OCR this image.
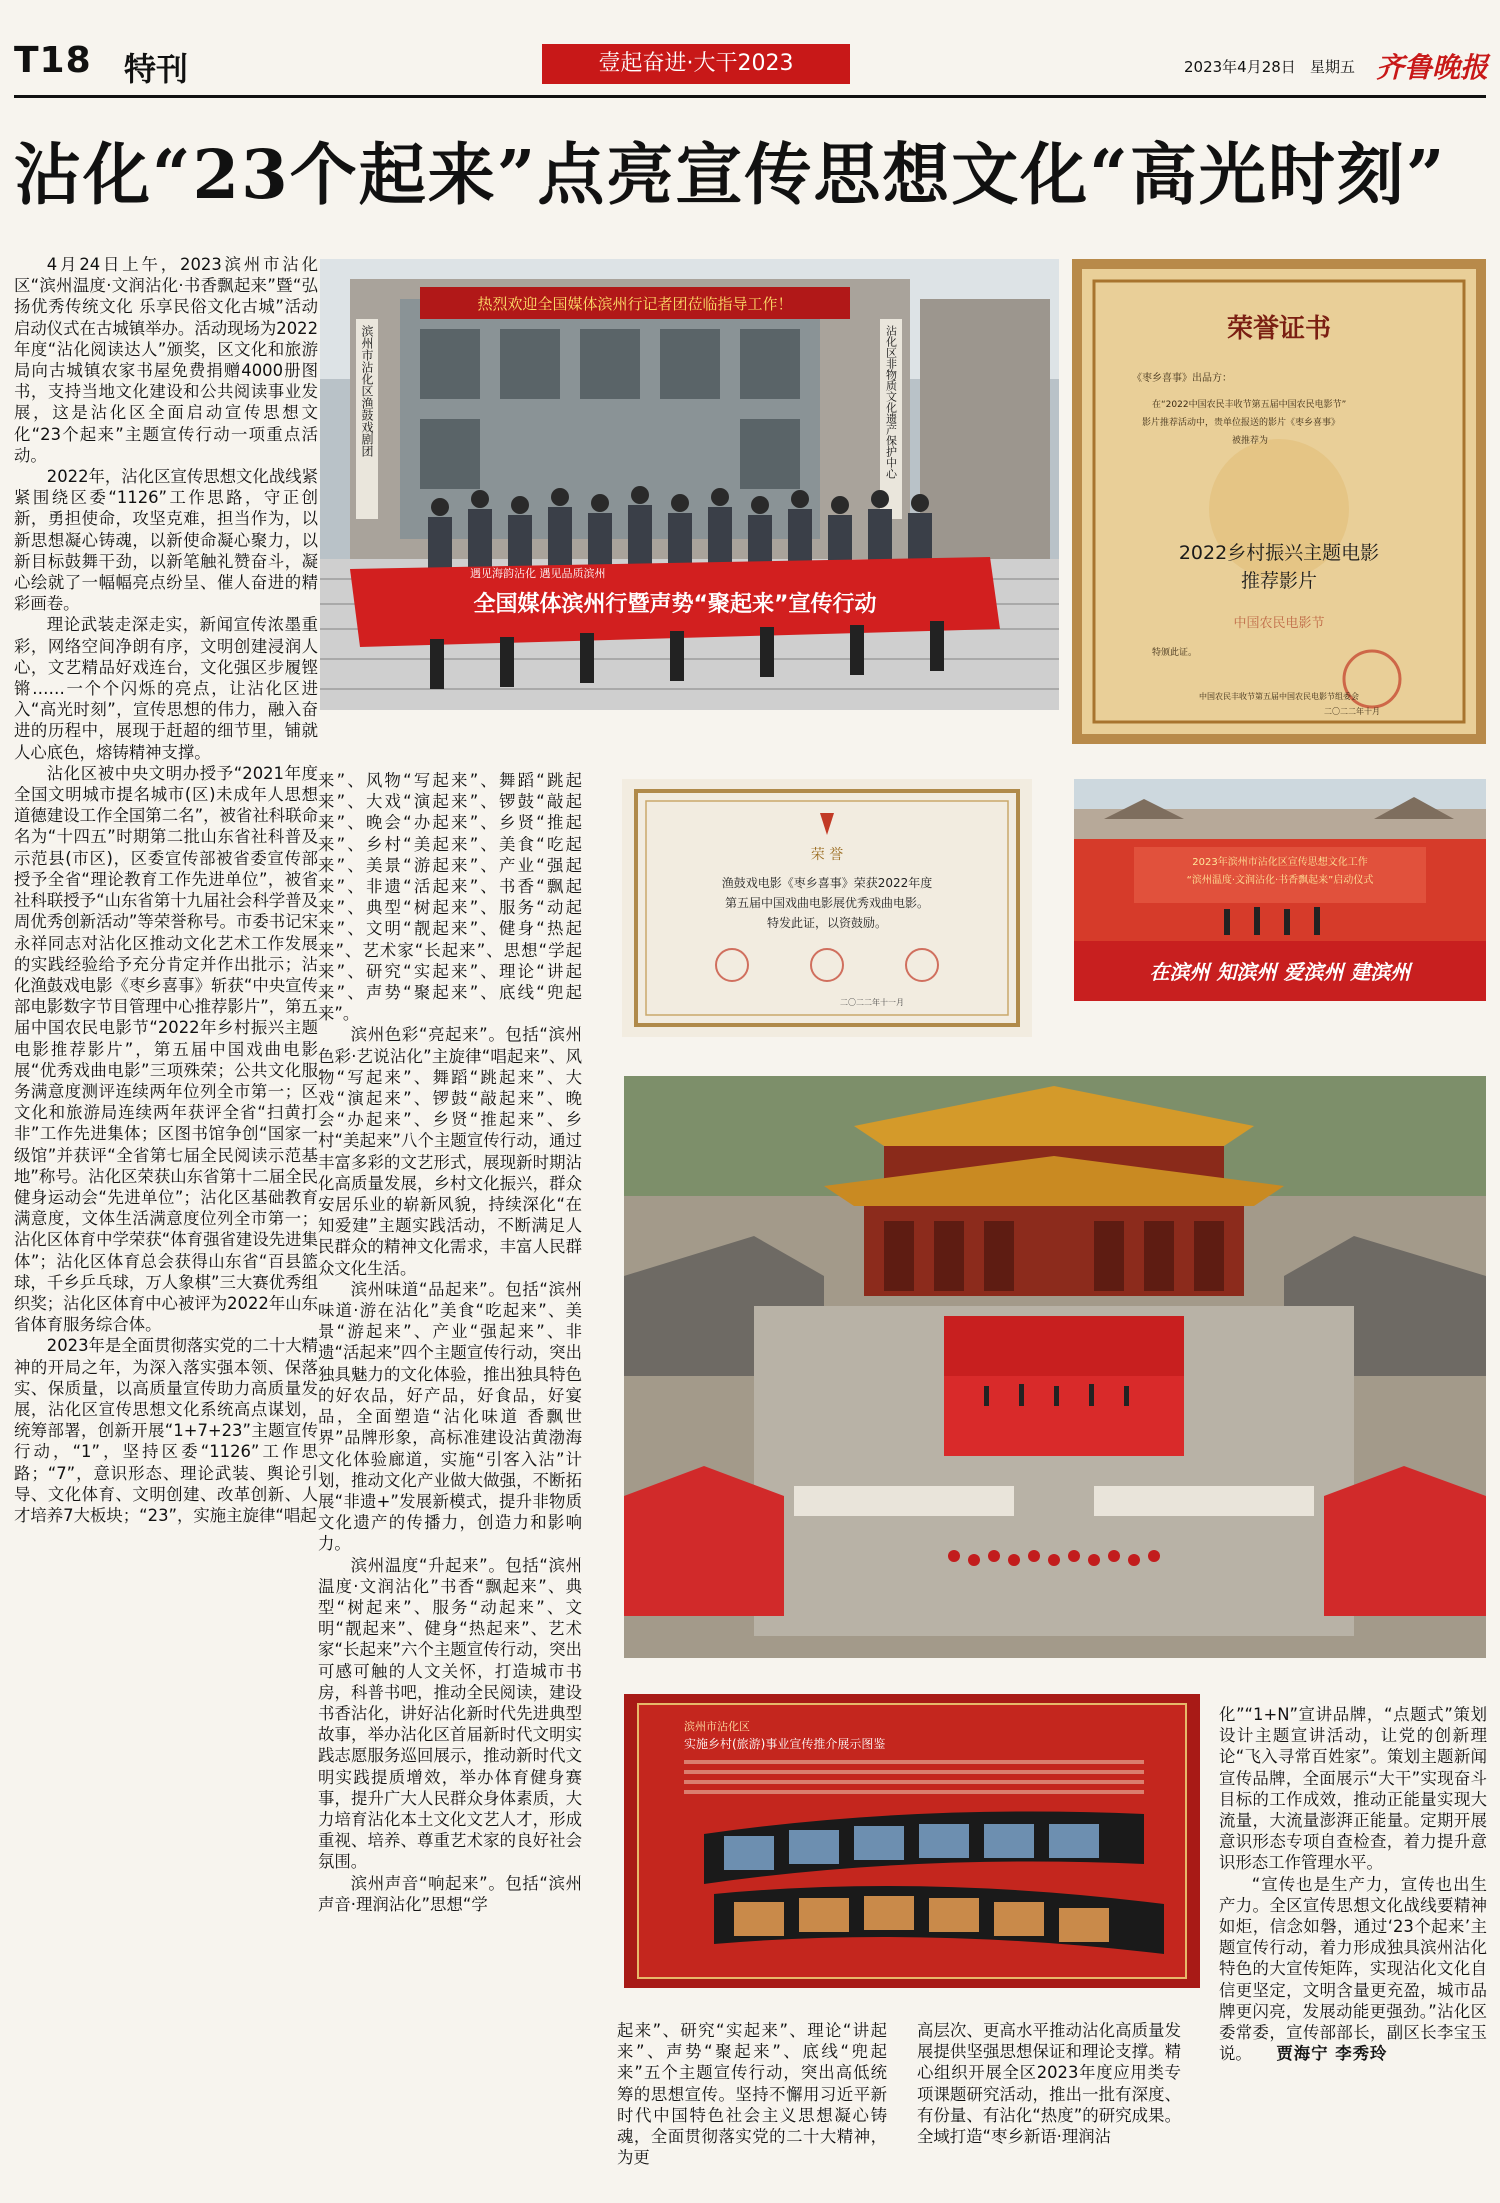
T18 特刊	壹起奋进·大干2023	2023年4月28日 星期五 齐鲁晚报
沾化“23个起来”点亮宣传思想文化“高光时刻”

4月24日上午，2023滨州市沾化区“滨州温度·文润沾化·书香飘起来”暨“弘扬优秀传统文化 乐享民俗文化古城”活动启动仪式在古城镇举办。活动现场为2022年度“沾化阅读达人”颁奖，区文化和旅游局向古城镇农家书屋免费捐赠4000册图书，支持当地文化建设和公共阅读事业发展，这是沾化区全面启动宣传思想文化“23个起来”主题宣传行动一项重点活动。

2022年，沾化区宣传思想文化战线紧紧围绕区委“1126”工作思路，守正创新，勇担使命，攻坚克难，担当作为，以新思想凝心铸魂，以新使命凝心聚力，以新目标鼓舞干劲，以新笔触礼赞奋斗，凝心绘就了一幅幅亮点纷呈、催人奋进的精彩画卷。

理论武装走深走实，新闻宣传浓墨重彩，网络空间净朗有序，文明创建浸润人心，文艺精品好戏连台，文化强区步履铿锵……一个个闪烁的亮点，让沾化区进入“高光时刻”，宣传思想的伟力，融入奋进的历程中，展现于赶超的细节里，铺就人心底色，熔铸精神支撑。

沾化区被中央文明办授予“2021年度全国文明城市提名城市(区)未成年人思想道德建设工作全国第二名”，被省社科联命名为“十四五”时期第二批山东省社科普及示范县(市区)，区委宣传部被省委宣传部授予全省“理论教育工作先进单位”，被省社科联授予“山东省第十九届社会科学普及周优秀创新活动”等荣誉称号。市委书记宋永祥同志对沾化区推动文化艺术工作发展的实践经验给予充分肯定并作出批示；沾化渔鼓戏电影《枣乡喜事》斩获“中央宣传部电影数字节目管理中心推荐影片”，第五届中国农民电影节“2022年乡村振兴主题电影推荐影片”，第五届中国戏曲电影展“优秀戏曲电影”三项殊荣；公共文化服务满意度测评连续两年位列全市第一；区文化和旅游局连续两年获评全省“扫黄打非”工作先进集体；区图书馆争创“国家一级馆”并获评“全省第七届全民阅读示范基地”称号。沾化区荣获山东省第十二届全民健身运动会“先进单位”；沾化区基础教育满意度，文体生活满意度位列全市第一；沾化区体育中学荣获“体育强省建设先进集体”；沾化区体育总会获得山东省“百县篮球，千乡乒乓球，万人象棋”三大赛优秀组织奖；沾化区体育中心被评为2022年山东省体育服务综合体。

2023年是全面贯彻落实党的二十大精神的开局之年，为深入落实强本领、保落实、保质量，以高质量宣传助力高质量发展，沾化区宣传思想文化系统高点谋划，统筹部署，创新开展“1+7+23”主题宣传行动，“1”，坚持区委“1126”工作思路；“7”，意识形态、理论武装、舆论引导、文化体育、文明创建、改革创新、人才培养7大板块；“23”，实施主旋律“唱起

来”、风物“写起来”、舞蹈“跳起来”、大戏“演起来”、锣鼓“敲起来”、晚会“办起来”、乡贤“推起来”、乡村“美起来”、美食“吃起来”、美景“游起来”、产业“强起来”、非遗“活起来”、书香“飘起来”、典型“树起来”、服务“动起来”、文明“靓起来”、健身“热起来”、艺术家“长起来”、思想“学起来”、研究“实起来”、理论“讲起来”、声势“聚起来”、底线“兜起来”。

滨州色彩“亮起来”。包括“滨州色彩·艺说沾化”主旋律“唱起来”、风物“写起来”、舞蹈“跳起来”、大戏“演起来”、锣鼓“敲起来”、晚会“办起来”、乡贤“推起来”、乡村“美起来”八个主题宣传行动，通过丰富多彩的文艺形式，展现新时期沾化高质量发展，乡村文化振兴，群众安居乐业的崭新风貌，持续深化“在知爱建”主题实践活动，不断满足人民群众的精神文化需求，丰富人民群众文化生活。

滨州味道“品起来”。包括“滨州味道·游在沾化”美食“吃起来”、美景“游起来”、产业“强起来”、非遗“活起来”四个主题宣传行动，突出独具魅力的文化体验，推出独具特色的好农品，好产品，好食品，好宴品，全面塑造“沾化味道 香飘世界”品牌形象，高标准建设沾黄渤海文化体验廊道，实施“引客入沾”计划，推动文化产业做大做强，不断拓展“非遗+”发展新模式，提升非物质文化遗产的传播力，创造力和影响力。

滨州温度“升起来”。包括“滨州温度·文润沾化”书香“飘起来”、典型“树起来”、服务“动起来”、文明“靓起来”、健身“热起来”、艺术家“长起来”六个主题宣传行动，突出可感可触的人文关怀，打造城市书房，科普书吧，推动全民阅读，建设书香沾化，讲好沾化新时代先进典型故事，举办沾化区首届新时代文明实践志愿服务巡回展示，推动新时代文明实践提质增效，举办体育健身赛事，提升广大人民群众身体素质，大力培育沾化本土文化文艺人才，形成重视、培养、尊重艺术家的良好社会氛围。

滨州声音“响起来”。包括“滨州声音·理润沾化”思想“学

起来”、研究“实起来”、理论“讲起来”、声势“聚起来”、底线“兜起来”五个主题宣传行动，突出高低统筹的思想宣传。坚持不懈用习近平新时代中国特色社会主义思想凝心铸魂，全面贯彻落实党的二十大精神，为更

高层次、更高水平推动沾化高质量发展提供坚强思想保证和理论支撑。精心组织开展全区2023年度应用类专项课题研究活动，推出一批有深度、有份量、有沾化“热度”的研究成果。全域打造“枣乡新语·理润沾

化”“1+N”宣讲品牌，“点题式”策划设计主题宣讲活动，让党的创新理论“飞入寻常百姓家”。策划主题新闻宣传品牌，全面展示“大干”实现奋斗目标的工作成效，推动正能量实现大流量，大流量澎湃正能量。定期开展意识形态专项自查检查，着力提升意识形态工作管理水平。

“宣传也是生产力，宣传也出生产力。全区宣传思想文化战线要精神如炬，信念如磐，通过‘23个起来’主题宣传行动，着力形成独具滨州沾化特色的大宣传矩阵，实现沾化文化自信更坚定，文明含量更充盈，城市品牌更闪亮，发展动能更强劲。”沾化区委常委，宣传部部长，副区长李宝玉说。 贾海宁 李秀玲

热烈欢迎全国媒体滨州行记者团莅临指导工作！
滨州市沾化区渔鼓戏剧团	沾化区非物质文化遗产保护中心
遇见海韵沾化 遇见品质滨州
全国媒体滨州行暨声势“聚起来”宣传行动
荣誉证书
《枣乡喜事》出品方：
在“2022中国农民丰收节第五届中国农民电影节”
影片推荐活动中，贵单位报送的影片《枣乡喜事》
被推荐为
2022乡村振兴主题电影
推荐影片
中国农民电影节
特颁此证。
中国农民丰收节第五届中国农民电影节组委会
二〇二二年十月
荣 誉
渔鼓戏电影《枣乡喜事》荣获2022年度
第五届中国戏曲电影展优秀戏曲电影。
特发此证，以资鼓励。
二〇二二年十一月
2023年滨州市沾化区宣传思想文化工作
“滨州温度·文润沾化·书香飘起来”启动仪式
在滨州 知滨州 爱滨州 建滨州
滨州市沾化区
实施乡村(旅游)事业宣传推介展示图鉴
